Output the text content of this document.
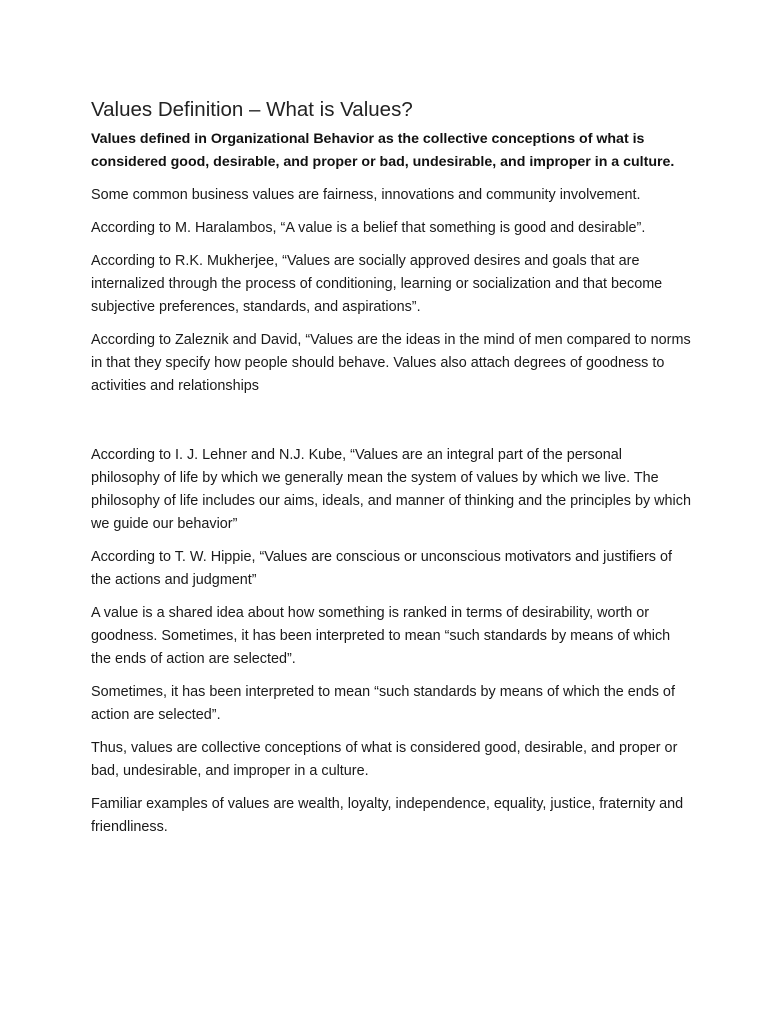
Values Definition – What is Values?

Values defined in Organizational Behavior as the collective conceptions of what is considered good, desirable, and proper or bad, undesirable, and improper in a culture.

Some common business values are fairness, innovations and community involvement.

According to M. Haralambos, “A value is a belief that something is good and desirable”.

According to R.K. Mukherjee, “Values are socially approved desires and goals that are internalized through the process of conditioning, learning or socialization and that become subjective preferences, standards, and aspirations”.

According to Zaleznik and David, “Values are the ideas in the mind of men compared to norms in that they specify how people should behave. Values also attach degrees of goodness to activities and relationships

According to I. J. Lehner and N.J. Kube, “Values are an integral part of the personal philosophy of life by which we generally mean the system of values by which we live. The philosophy of life includes our aims, ideals, and manner of thinking and the principles by which we guide our behavior”

According to T. W. Hippie, “Values are conscious or unconscious motivators and justifiers of the actions and judgment”

A value is a shared idea about how something is ranked in terms of desirability, worth or goodness. Sometimes, it has been interpreted to mean “such standards by means of which the ends of action are selected”.

Sometimes, it has been interpreted to mean “such standards by means of which the ends of action are selected”.

Thus, values are collective conceptions of what is considered good, desirable, and proper or bad, undesirable, and improper in a culture.

Familiar examples of values are wealth, loyalty, independence, equality, justice, fraternity and friendliness.
